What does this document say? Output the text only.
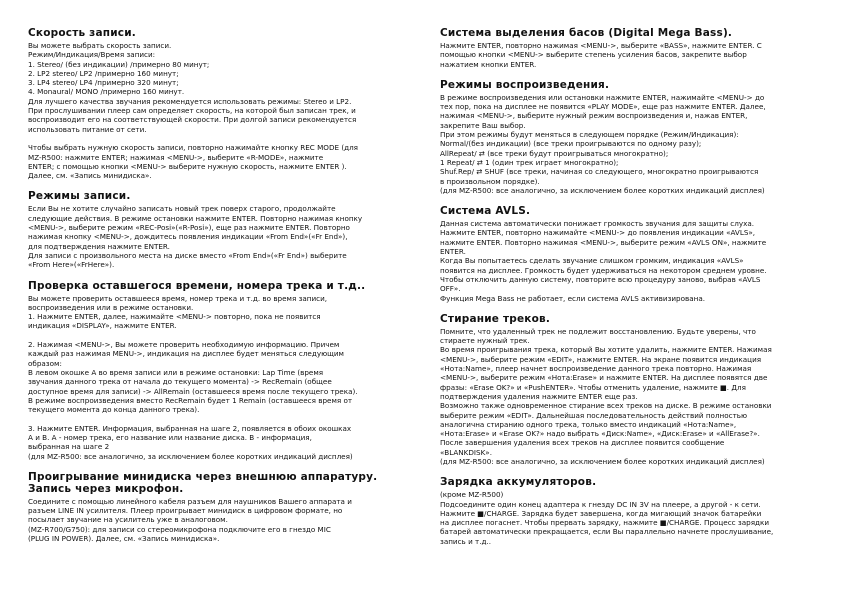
Скорость записи.

Вы можете выбрать скорость записи.

Режим/Индикация/Время записи:

1. Stereo/ (без индикации) /примерно 80 минут;

2. LP2 stereo/ LP2 /примерно 160 минут;

3. LP4 stereo/ LP4 /примерно 320 минут;

4. Monaural/ MONO /примерно 160 минут.

Для лучшего качества звучания рекомендуется использовать режимы: Stereo и LP2.

При прослушивании плеер сам определяет скорость, на которой был записан трек, и

воспроизводит его на соответствующей скорости. При долгой записи рекомендуется

использовать питание от сети.

Чтобы выбрать нужную скорость записи, повторно нажимайте кнопку REC MODE (для

MZ-R500: нажмите ENTER; нажимая <MENU->, выберите «R-MODE», нажмите

ENTER; с помощью кнопки <MENU-> выберите нужную скорость, нажмите ENTER ).

Далее, см. «Запись минидиска».

Режимы записи.

Если Вы не хотите случайно записать новый трек поверх старого, продолжайте

следующие действия. В режиме остановки нажмите ENTER. Повторно нажимая кнопку

<MENU->, выберите режим «REC-Posi»(«R-Posi»), еще раз нажмите ENTER. Повторно

нажимая кнопку <MENU->, дождитесь появления индикации «From End»(«Fr End»),

для подтверждения нажмите ENTER.

Для записи с произвольного места на диске вместо «From End»(«Fr End») выберите

«From Here»(«FrHere»).

Проверка оставшегося времени, номера трека и т.д..

Вы можете проверить оставшееся время, номер трека и т.д. во время записи,

воспроизведения или в режиме остановки.

1. Нажмите ENTER, далее, нажимайте <MENU-> повторно, пока не появится

индикация «DISPLAY», нажмите ENTER.

2. Нажимая <MENU->, Вы можете проверить необходимую информацию. Причем

каждый раз нажимая MENU->, индикация на дисплее будет меняться следующим

образом:

В левом окошке А во время записи или в режиме остановки: Lap Time (время

звучания данного трека от начала до текущего момента) -> RecRemain (общее

доступное время для записи) -> AllRemain (оставшееся время после текущего трека).

В режиме воспроизведения вместо RecRemain будет 1 Remain (оставшееся время от

текущего момента до конца данного трека).

3. Нажмите ENTER. Информация, выбранная на шаге 2, появляется в обоих окошках

А и В. А - номер трека, его название или название диска. В - информация,

выбранная на шаге 2

(для MZ-R500: все аналогично, за исключением более коротких индикаций дисплея)

Проигрывание минидиска через внешнюю аппаратуру. Запись через микрофон.

Соедините с помощью линейного кабеля разъем для наушников Вашего аппарата и

разъем LINE IN усилителя. Плеер проигрывает минидиск в цифровом формате, но

посылает звучание на усилитель уже в аналоговом.

(MZ-R700/G750): для записи со стереомикрофона подключите его в гнездо MIC

(PLUG IN POWER). Далее, см. «Запись минидиска».

Система выделения басов (Digital Mega Bass).

Нажмите ENTER, повторно нажимая <MENU->, выберите «BASS», нажмите ENTER. С

помощью кнопки <MENU-> выберите степень усиления басов, закрепите выбор

нажатием кнопки ENTER.

Режимы воспроизведения.

В режиме воспроизведения или остановки нажмите ENTER, нажимайте <MENU-> до

тех пор, пока на дисплее не появится «PLAY MODE», еще раз нажмите ENTER. Далее,

нажимая <MENU->, выберите нужный режим воспроизведения и, нажав ENTER,

закрепите Ваш выбор.

При этом режимы будут меняться в следующем порядке (Режим/Индикация):

Normal/(без индикации) (все треки проигрываются по одному разу);

AllRepeat/ ⇄ (все треки будут проигрываться многократно);

1 Repeat/ ⇄ 1 (один трек играет многократно);

Shuf.Rep/ ⇄ SHUF (все треки, начиная со следующего, многократно проигрываются

в произвольном порядке).

(для MZ-R500: все аналогично, за исключением более коротких индикаций дисплея)

Система AVLS.

Данная система автоматически понижает громкость звучания для защиты слуха.

Нажмите ENTER, повторно нажимайте <MENU-> до появления индикации «AVLS»,

нажмите ENTER. Повторно нажимая <MENU->, выберите режим «AVLS ON», нажмите

ENTER.

Когда Вы попытаетесь сделать звучание слишком громким, индикация «AVLS»

появится на дисплее. Громкость будет удерживаться на некотором среднем уровне.

Чтобы отключить данную систему, повторите всю процедуру заново, выбрав «AVLS

OFF».

Функция Mega Bass не работает, если система AVLS активизирована.

Стирание треков.

Помните, что удаленный трек не подлежит восстановлению. Будьте уверены, что

стираете нужный трек.

Во время проигрывания трека, который Вы хотите удалить, нажмите ENTER. Нажимая

<MENU->, выберите режим «EDIT», нажмите ENTER. На экране появится индикация

«Нота:Name», плеер начнет воспроизведение данного трека повторно. Нажимая

<MENU->, выберите режим «Нота:Erase» и нажмите ENTER. На дисплее появятся две

фразы: «Erase OK?» и «PushENTER». Чтобы отменить удаление, нажмите ■. Для

подтверждения удаления нажмите ENTER еще раз.

Возможно также одновременное стирание всех треков на диске. В режиме остановки

выберите режим «EDIT». Дальнейшая последовательность действий полностью

аналогична стиранию одного трека, только вместо индикаций «Нота:Name»,

«Нота:Erase» и «Erase OK?» надо выбрать «Диск:Name», «Диск:Erase» и «AllErase?».

После завершения удаления всех треков на дисплее появится сообщение

«BLANKDISK».

(для MZ-R500: все аналогично, за исключением более коротких индикаций дисплея)

Зарядка аккумуляторов.

(кроме MZ-R500)

Подсоедините один конец адаптера к гнезду DC IN 3V на плеере, а другой - к сети.

Нажмите ■/CHARGE. Зарядка будет завершена, когда мигающий значок батарейки

на дисплее погаснет. Чтобы прервать зарядку, нажмите ■/CHARGE. Процесс зарядки

батарей автоматически прекращается, если Вы параллельно начнете прослушивание,

запись и т.д..
